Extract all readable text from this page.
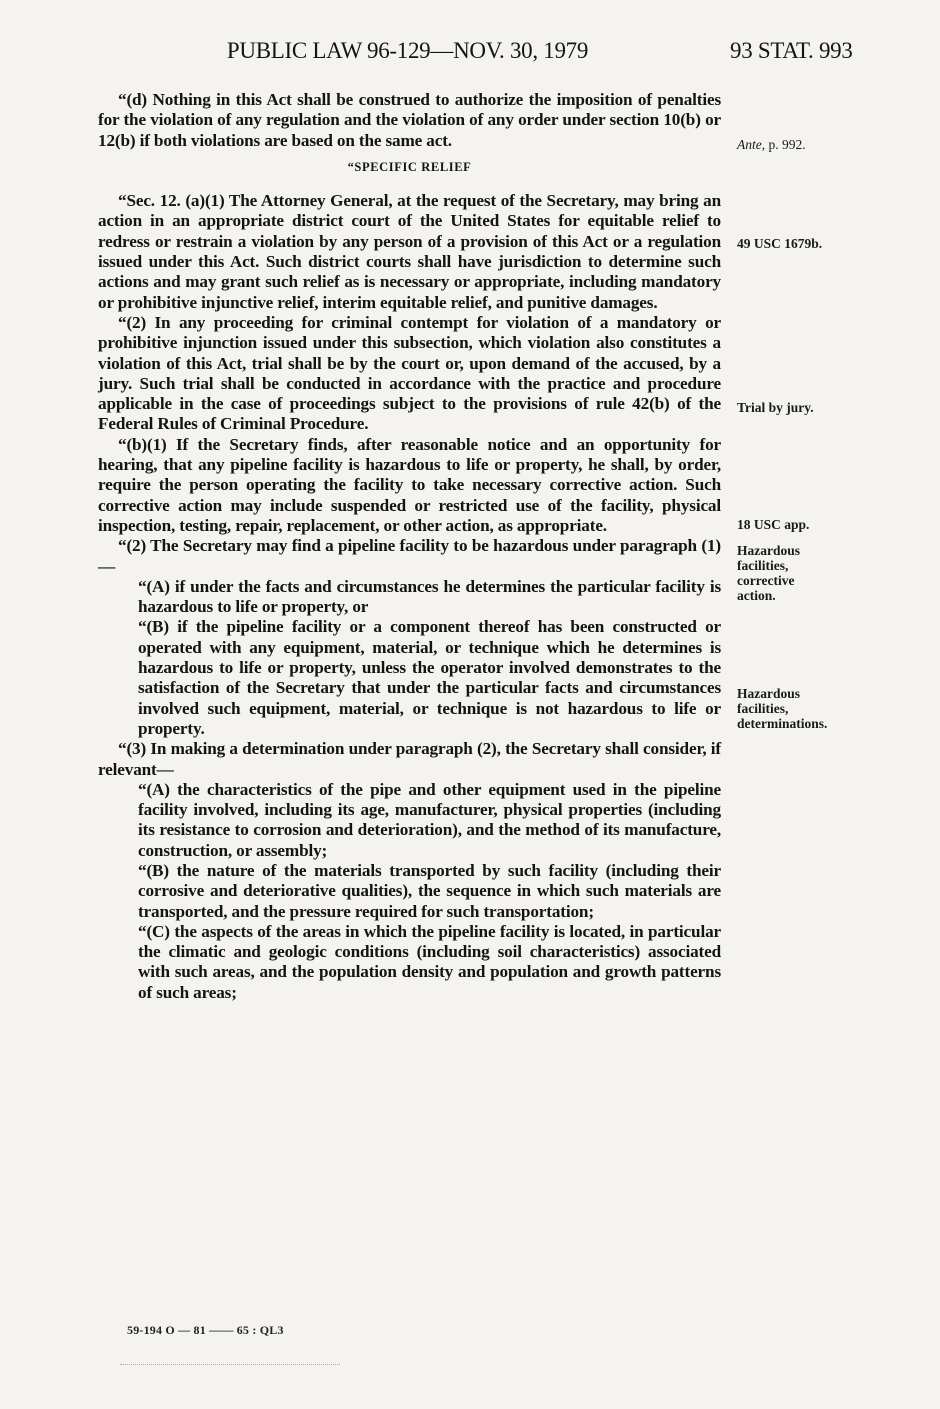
PUBLIC LAW 96-129—NOV. 30, 1979	93 STAT. 993

“(d) Nothing in this Act shall be construed to authorize the imposition of penalties for the violation of any regulation and the violation of any order under section 10(b) or 12(b) if both violations are based on the same act.

“SPECIFIC RELIEF

“Sec. 12. (a)(1) The Attorney General, at the request of the Secretary, may bring an action in an appropriate district court of the United States for equitable relief to redress or restrain a violation by any person of a provision of this Act or a regulation issued under this Act. Such district courts shall have jurisdiction to determine such actions and may grant such relief as is necessary or appropriate, including mandatory or prohibitive injunctive relief, interim equitable relief, and punitive damages.

“(2) In any proceeding for criminal contempt for violation of a mandatory or prohibitive injunction issued under this subsection, which violation also constitutes a violation of this Act, trial shall be by the court or, upon demand of the accused, by a jury. Such trial shall be conducted in accordance with the practice and procedure applicable in the case of proceedings subject to the provisions of rule 42(b) of the Federal Rules of Criminal Procedure.

“(b)(1) If the Secretary finds, after reasonable notice and an opportunity for hearing, that any pipeline facility is hazardous to life or property, he shall, by order, require the person operating the facility to take necessary corrective action. Such corrective action may include suspended or restricted use of the facility, physical inspection, testing, repair, replacement, or other action, as appropriate.

“(2) The Secretary may find a pipeline facility to be hazardous under paragraph (1)—

“(A) if under the facts and circumstances he determines the particular facility is hazardous to life or property, or

“(B) if the pipeline facility or a component thereof has been constructed or operated with any equipment, material, or technique which he determines is hazardous to life or property, unless the operator involved demonstrates to the satisfaction of the Secretary that under the particular facts and circumstances involved such equipment, material, or technique is not hazardous to life or property.

“(3) In making a determination under paragraph (2), the Secretary shall consider, if relevant—

“(A) the characteristics of the pipe and other equipment used in the pipeline facility involved, including its age, manufacturer, physical properties (including its resistance to corrosion and deterioration), and the method of its manufacture, construction, or assembly;

“(B) the nature of the materials transported by such facility (including their corrosive and deteriorative qualities), the sequence in which such materials are transported, and the pressure required for such transportation;

“(C) the aspects of the areas in which the pipeline facility is located, in particular the climatic and geologic conditions (including soil characteristics) associated with such areas, and the population density and population and growth patterns of such areas;

Ante, p. 992.
49 USC 1679b.
Trial by jury.
18 USC app.
Hazardous facilities, corrective action.
Hazardous facilities, determinations.
59-194 O — 81 —— 65 : QL3
